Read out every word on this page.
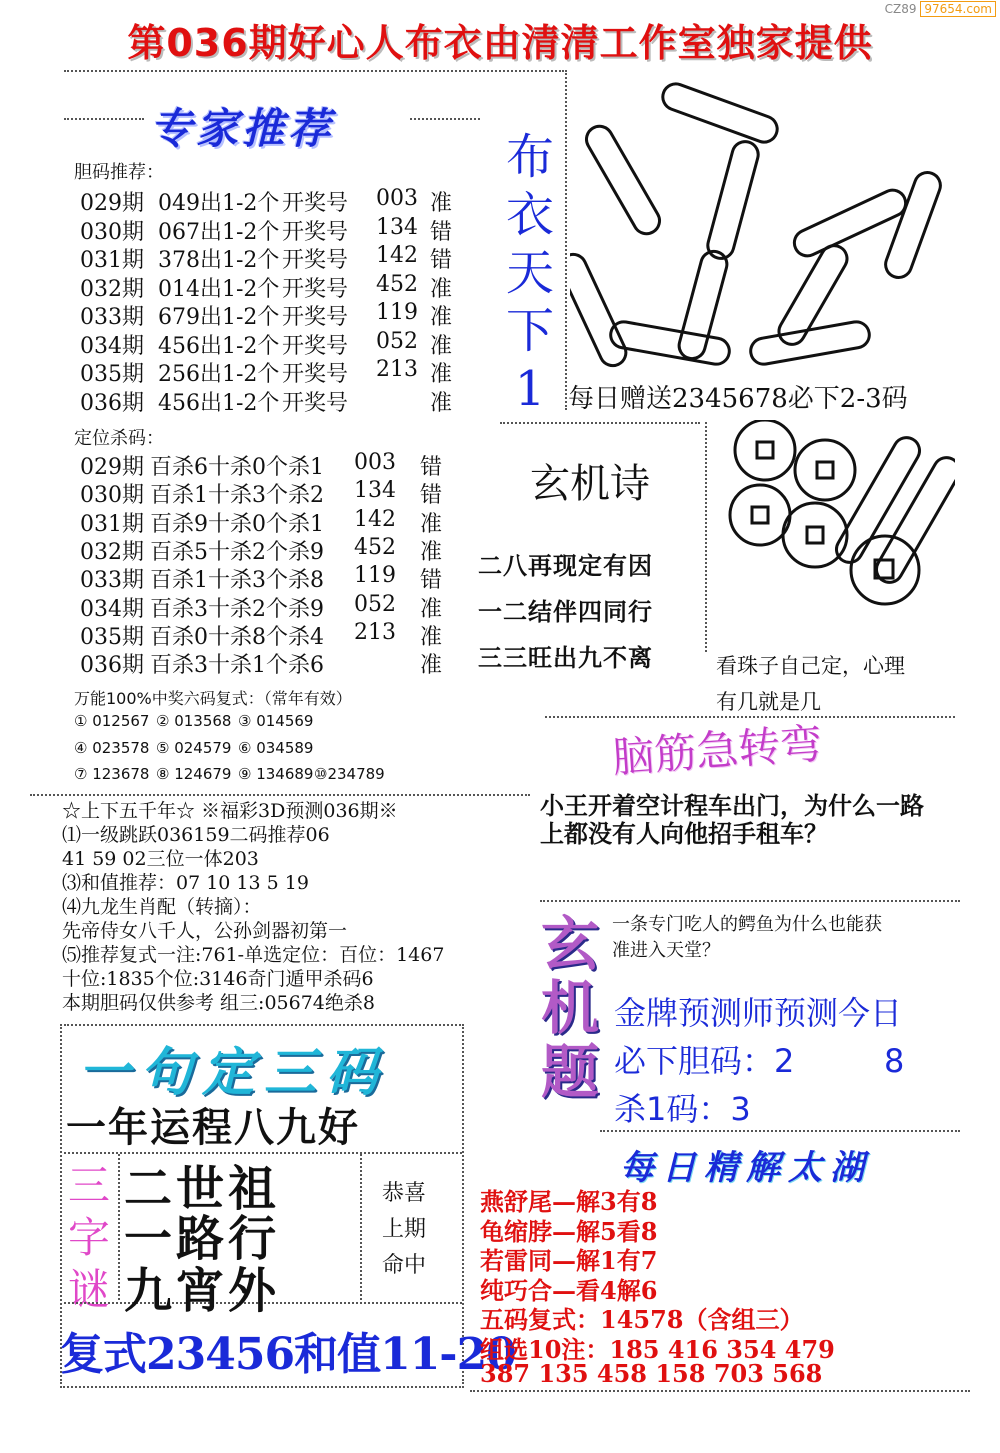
CZ89 97654.com
第036期好心人布衣由清清工作室独家提供
专家推荐
胆码推荐：
029期 049出1-2个 开奖号 003 准
030期 067出1-2个 开奖号 134 错
031期 378出1-2个 开奖号 142 错
032期 014出1-2个 开奖号 452 准
033期 679出1-2个 开奖号 119 准
034期 456出1-2个 开奖号 052 准
035期 256出1-2个 开奖号 213 准
036期 456出1-2个 开奖号	准
定位杀码：
029期 百杀6十杀0个杀1 003 错
030期 百杀1十杀3个杀2 134 错
031期 百杀9十杀0个杀1 142 准
032期 百杀5十杀2个杀9 452 准
033期 百杀1十杀3个杀8 119 错
034期 百杀3十杀2个杀9 052 准
035期 百杀0十杀8个杀4 213 准
036期 百杀3十杀1个杀6	准
万能100%中奖六码复式：（常年有效）
① 012567 ② 013568 ③ 014569
④ 023578 ⑤ 024579 ⑥ 034589
⑦ 123678 ⑧ 124679 ⑨ 134689 ⑩234789
☆上下五千年☆ ※福彩3D预测036期※
⑴一级跳跃036159二码推荐06
41 59 02三位一体203
⑶和值推荐：07 10 13 5 19
⑷九龙生肖配（转摘）：
先帝侍女八千人，公孙剑器初第一
⑸推荐复式一注:761-单选定位：百位：1467
十位:1835个位:3146奇门遁甲杀码6
本期胆码仅供参考 组三:05674绝杀8
布
衣
天
下
1 每日赠送2345678必下2-3码
玄机诗
二八再现定有因
一二结伴四同行
三三旺出九不离	看珠子自己定，心理
有几就是几
脑筋急转弯
小王开着空计程车出门，为什么一路上都没有人向他招手租车？
玄
机
题
一条专门吃人的鳄鱼为什么也能获
准进入天堂？
金牌预测师预测今日
必下胆码：2	8
杀1码：3
一句定三码
一年运程八九好
三
字
谜
二世祖
一路行
九宵外
恭喜
上期
命中
复式23456和值11-20
每日精解太湖
燕舒尾—解3有8
龟缩脖—解5看8
若雷同—解1有7
纯巧合—看4解6
五码复式：14578（含组三）
组选10注：185 416 354 479
387 135 458 158 703 568
